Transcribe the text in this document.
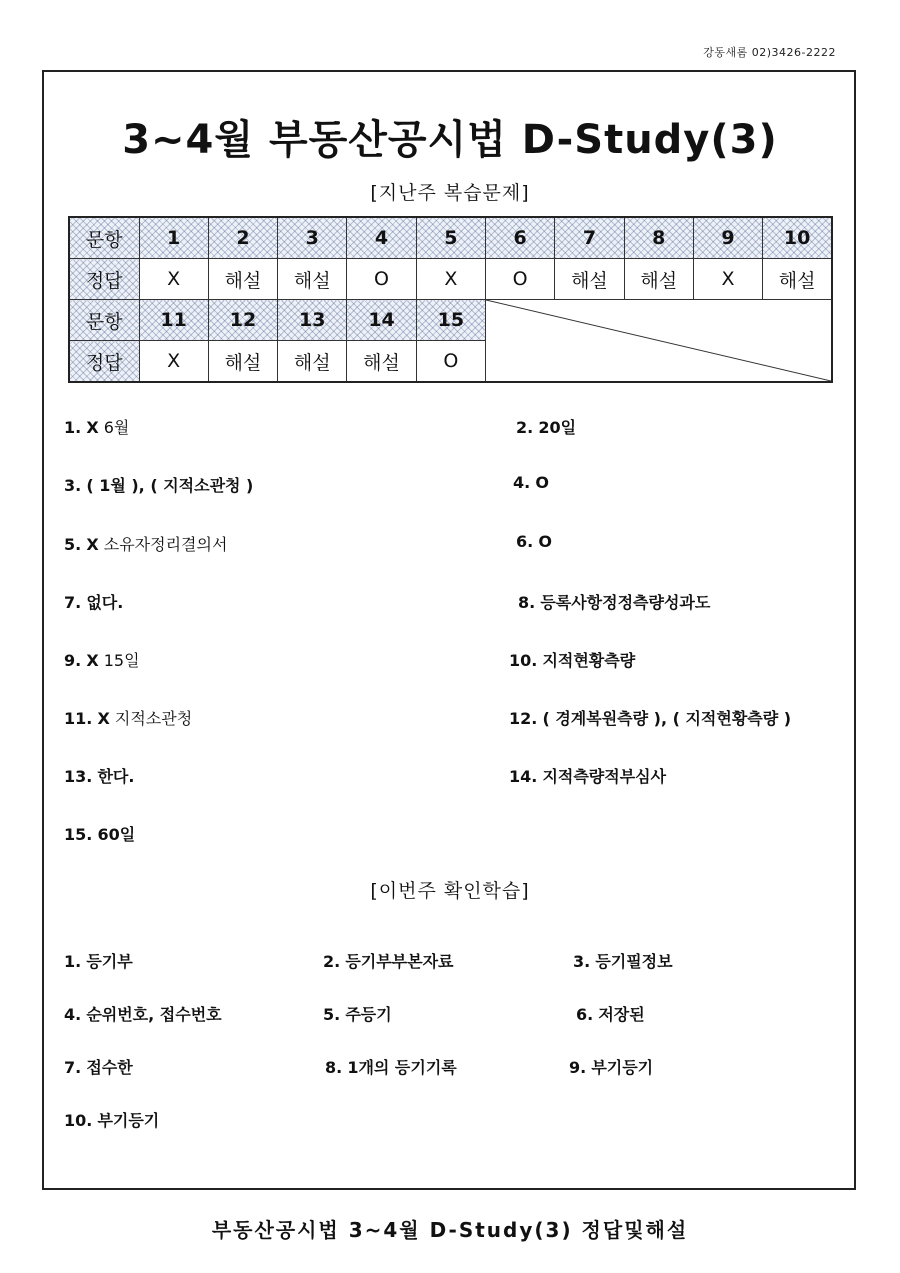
강동새롬 02)3426-2222
3~4월 부동산공시법 D-Study(3)
[지난주 복습문제]
문항	1	2	3	4	5	6	7	8	9	10
정답	X	해설	해설	O	X	O	해설	해설	X	해설
문항	11	12	13	14	15	

정답	X	해설	해설	해설	O					
1. X 6월
3. ( 1월 ), ( 지적소관청 )
5. X 소유자정리결의서
7. 없다.
9. X 15일
11. X 지적소관청
13. 한다.
15. 60일
2. 20일
4. O
6. O
8. 등록사항정정측량성과도
10. 지적현황측량
12. ( 경계복원측량 ), ( 지적현황측량 )
14. 지적측량적부심사
[이번주 확인학습]
1. 등기부	2. 등기부부본자료	3. 등기필정보
4. 순위번호, 접수번호	5. 주등기	6. 저장된
7. 접수한	8. 1개의 등기기록	9. 부기등기
10. 부기등기
부동산공시법 3~4월 D-Study(3) 정답및해설
